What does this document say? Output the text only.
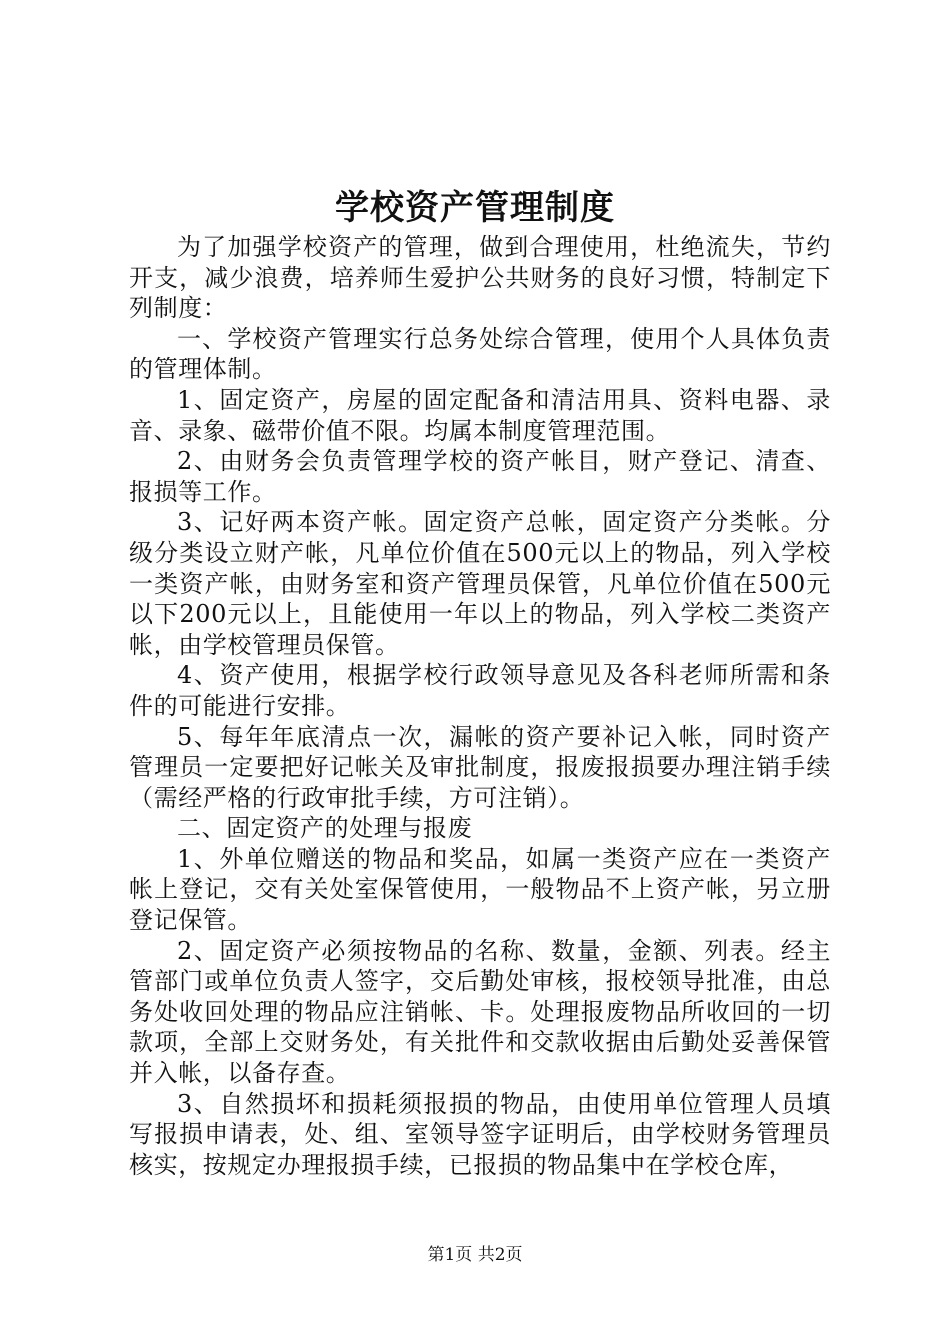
学校资产管理制度

为了加强学校资产的管理，做到合理使用，杜绝流失，节约开支，减少浪费，培养师生爱护公共财务的良好习惯，特制定下列制度：

一、学校资产管理实行总务处综合管理，使用个人具体负责的管理体制。

1、固定资产，房屋的固定配备和清洁用具、资料电器、录音、录象、磁带价值不限。均属本制度管理范围。

2、由财务会负责管理学校的资产帐目，财产登记、清查、报损等工作。

3、记好两本资产帐。固定资产总帐，固定资产分类帐。分级分类设立财产帐，凡单位价值在500元以上的物品，列入学校一类资产帐，由财务室和资产管理员保管，凡单位价值在500元以下200元以上，且能使用一年以上的物品，列入学校二类资产帐，由学校管理员保管。

4、资产使用，根据学校行政领导意见及各科老师所需和条件的可能进行安排。

5、每年年底清点一次，漏帐的资产要补记入帐，同时资产管理员一定要把好记帐关及审批制度，报废报损要办理注销手续（需经严格的行政审批手续，方可注销）。

二、固定资产的处理与报废

1、外单位赠送的物品和奖品，如属一类资产应在一类资产帐上登记，交有关处室保管使用，一般物品不上资产帐，另立册登记保管。

2、固定资产必须按物品的名称、数量，金额、列表。经主管部门或单位负责人签字，交后勤处审核，报校领导批准，由总务处收回处理的物品应注销帐、卡。处理报废物品所收回的一切款项，全部上交财务处，有关批件和交款收据由后勤处妥善保管并入帐，以备存查。

3、自然损坏和损耗须报损的物品，由使用单位管理人员填写报损申请表，处、组、室领导签字证明后，由学校财务管理员核实，按规定办理报损手续，已报损的物品集中在学校仓库，

第1页 共2页
